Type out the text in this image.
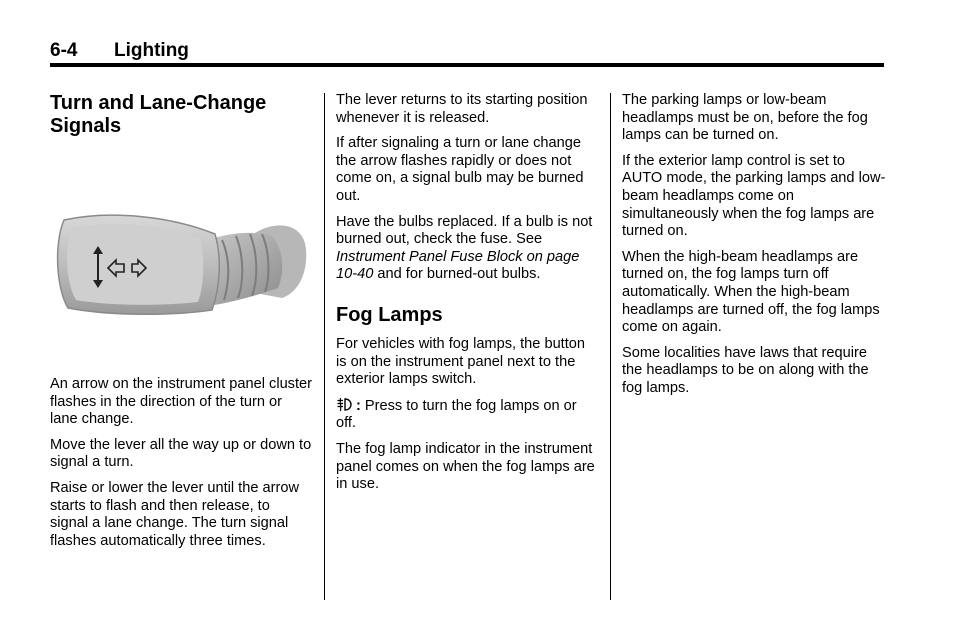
6-4 Lighting
Turn and Lane-Change Signals

An arrow on the instrument panel cluster flashes in the direction of the turn or lane change.

Move the lever all the way up or down to signal a turn.

Raise or lower the lever until the arrow starts to flash and then release, to signal a lane change. The turn signal flashes automatically three times.

The lever returns to its starting position whenever it is released.

If after signaling a turn or lane change the arrow flashes rapidly or does not come on, a signal bulb may be burned out.

Have the bulbs replaced. If a bulb is not burned out, check the fuse. See Instrument Panel Fuse Block on page 10-40 and for burned-out bulbs.

Fog Lamps

For vehicles with fog lamps, the button is on the instrument panel next to the exterior lamps switch.

: Press to turn the fog lamps on or off.

The fog lamp indicator in the instrument panel comes on when the fog lamps are in use.

The parking lamps or low-beam headlamps must be on, before the fog lamps can be turned on.

If the exterior lamp control is set to AUTO mode, the parking lamps and low-beam headlamps come on simultaneously when the fog lamps are turned on.

When the high-beam headlamps are turned on, the fog lamps turn off automatically. When the high-beam headlamps are turned off, the fog lamps come on again.

Some localities have laws that require the headlamps to be on along with the fog lamps.
